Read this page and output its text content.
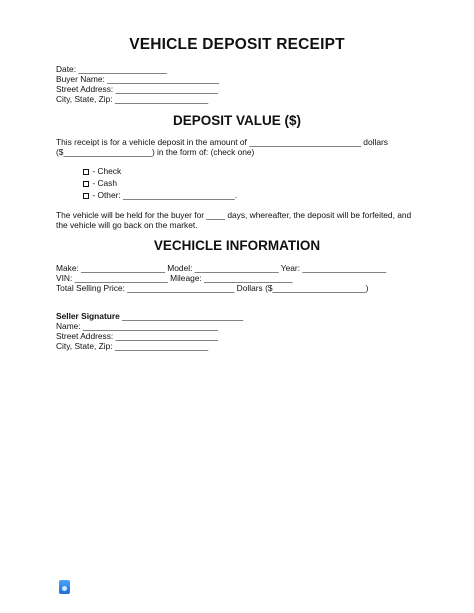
VEHICLE DEPOSIT RECEIPT
Date: ___________________
Buyer Name: ________________________
Street Address: ______________________
City, State, Zip: ____________________
DEPOSIT VALUE ($)
This receipt is for a vehicle deposit in the amount of ________________________ dollars
($___________________) in the form of: (check one)
- Check
- Cash
- Other: ________________________.
The vehicle will be held for the buyer for ____ days, whereafter, the deposit will be forfeited, and
the vehicle will go back on the market.
VECHICLE INFORMATION
Make: __________________ Model: __________________ Year: __________________
VIN: ____________________ Mileage: ___________________
Total Selling Price: _______________________ Dollars ($____________________)
Seller Signature __________________________
Name: _____________________________
Street Address: ______________________
City, State, Zip: ____________________
